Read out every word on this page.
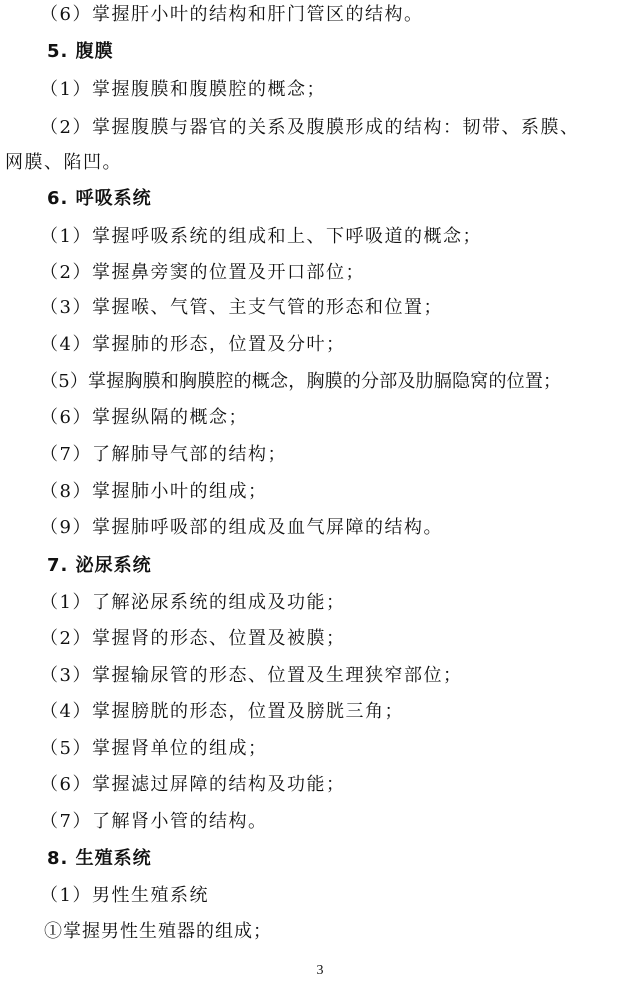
（6）掌握肝小叶的结构和肝门管区的结构。
5. 腹膜
（1）掌握腹膜和腹膜腔的概念；
（2）掌握腹膜与器官的关系及腹膜形成的结构：韧带、系膜、
网膜、陷凹。
6. 呼吸系统
（1）掌握呼吸系统的组成和上、下呼吸道的概念；
（2）掌握鼻旁窦的位置及开口部位；
（3）掌握喉、气管、主支气管的形态和位置；
（4）掌握肺的形态，位置及分叶；
（5）掌握胸膜和胸膜腔的概念，胸膜的分部及肋膈隐窝的位置；
（6）掌握纵隔的概念；
（7）了解肺导气部的结构；
（8）掌握肺小叶的组成；
（9）掌握肺呼吸部的组成及血气屏障的结构。
7. 泌尿系统
（1）了解泌尿系统的组成及功能；
（2）掌握肾的形态、位置及被膜；
（3）掌握输尿管的形态、位置及生理狭窄部位；
（4）掌握膀胱的形态，位置及膀胱三角；
（5）掌握肾单位的组成；
（6）掌握滤过屏障的结构及功能；
（7）了解肾小管的结构。
8. 生殖系统
（1）男性生殖系统
①掌握男性生殖器的组成；
3
